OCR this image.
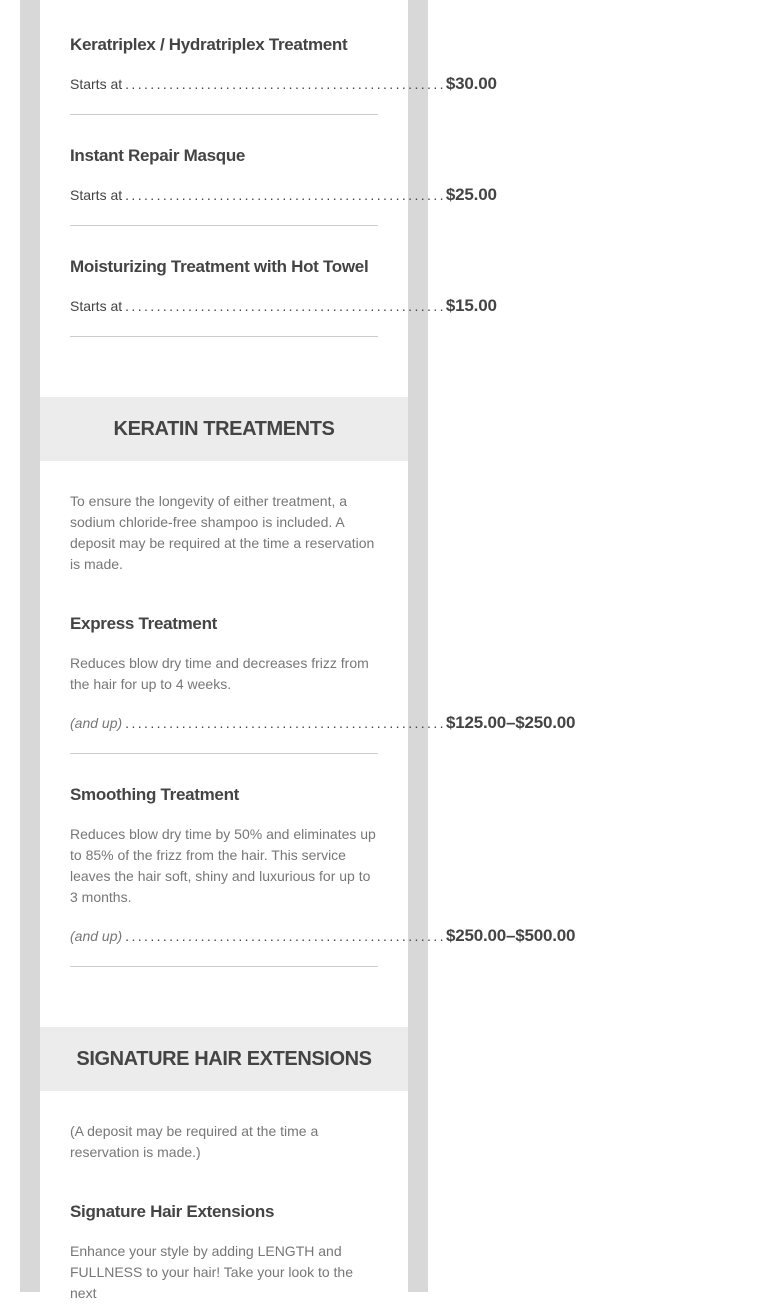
Keratriplex / Hydratriplex Treatment
Starts at ................................................... $30.00
Instant Repair Masque
Starts at ................................................... $25.00
Moisturizing Treatment with Hot Towel
Starts at ................................................... $15.00
KERATIN TREATMENTS
To ensure the longevity of either treatment, a sodium chloride-free shampoo is included. A deposit may be required at the time a reservation is made.
Express Treatment
Reduces blow dry time and decreases frizz from the hair for up to 4 weeks.
(and up) ................................................... $125.00–$250.00
Smoothing Treatment
Reduces blow dry time by 50% and eliminates up to 85% of the frizz from the hair. This service leaves the hair soft, shiny and luxurious for up to 3 months.
(and up) ................................................... $250.00–$500.00
SIGNATURE HAIR EXTENSIONS
(A deposit may be required at the time a reservation is made.)
Signature Hair Extensions
Enhance your style by adding LENGTH and FULLNESS to your hair! Take your look to the next
